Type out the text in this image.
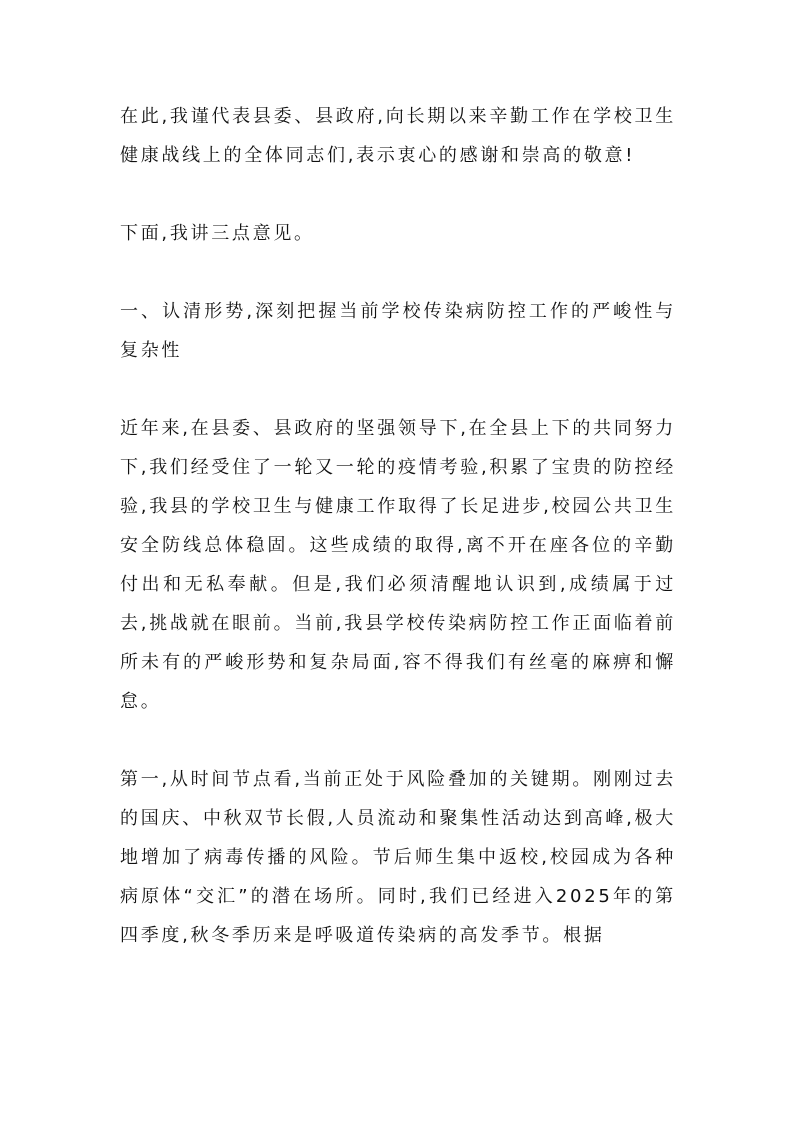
在此,我谨代表县委、县政府,向长期以来辛勤工作在学校卫生健康战线上的全体同志们,表示衷心的感谢和崇高的敬意!

下面,我讲三点意见。

一、认清形势,深刻把握当前学校传染病防控工作的严峻性与复杂性

近年来,在县委、县政府的坚强领导下,在全县上下的共同努力下,我们经受住了一轮又一轮的疫情考验,积累了宝贵的防控经验,我县的学校卫生与健康工作取得了长足进步,校园公共卫生安全防线总体稳固。这些成绩的取得,离不开在座各位的辛勤付出和无私奉献。但是,我们必须清醒地认识到,成绩属于过去,挑战就在眼前。当前,我县学校传染病防控工作正面临着前所未有的严峻形势和复杂局面,容不得我们有丝毫的麻痹和懈怠。

第一,从时间节点看,当前正处于风险叠加的关键期。刚刚过去的国庆、中秋双节长假,人员流动和聚集性活动达到高峰,极大地增加了病毒传播的风险。节后师生集中返校,校园成为各种病原体“交汇”的潜在场所。同时,我们已经进入2025年的第四季度,秋冬季历来是呼吸道传染病的高发季节。根据
